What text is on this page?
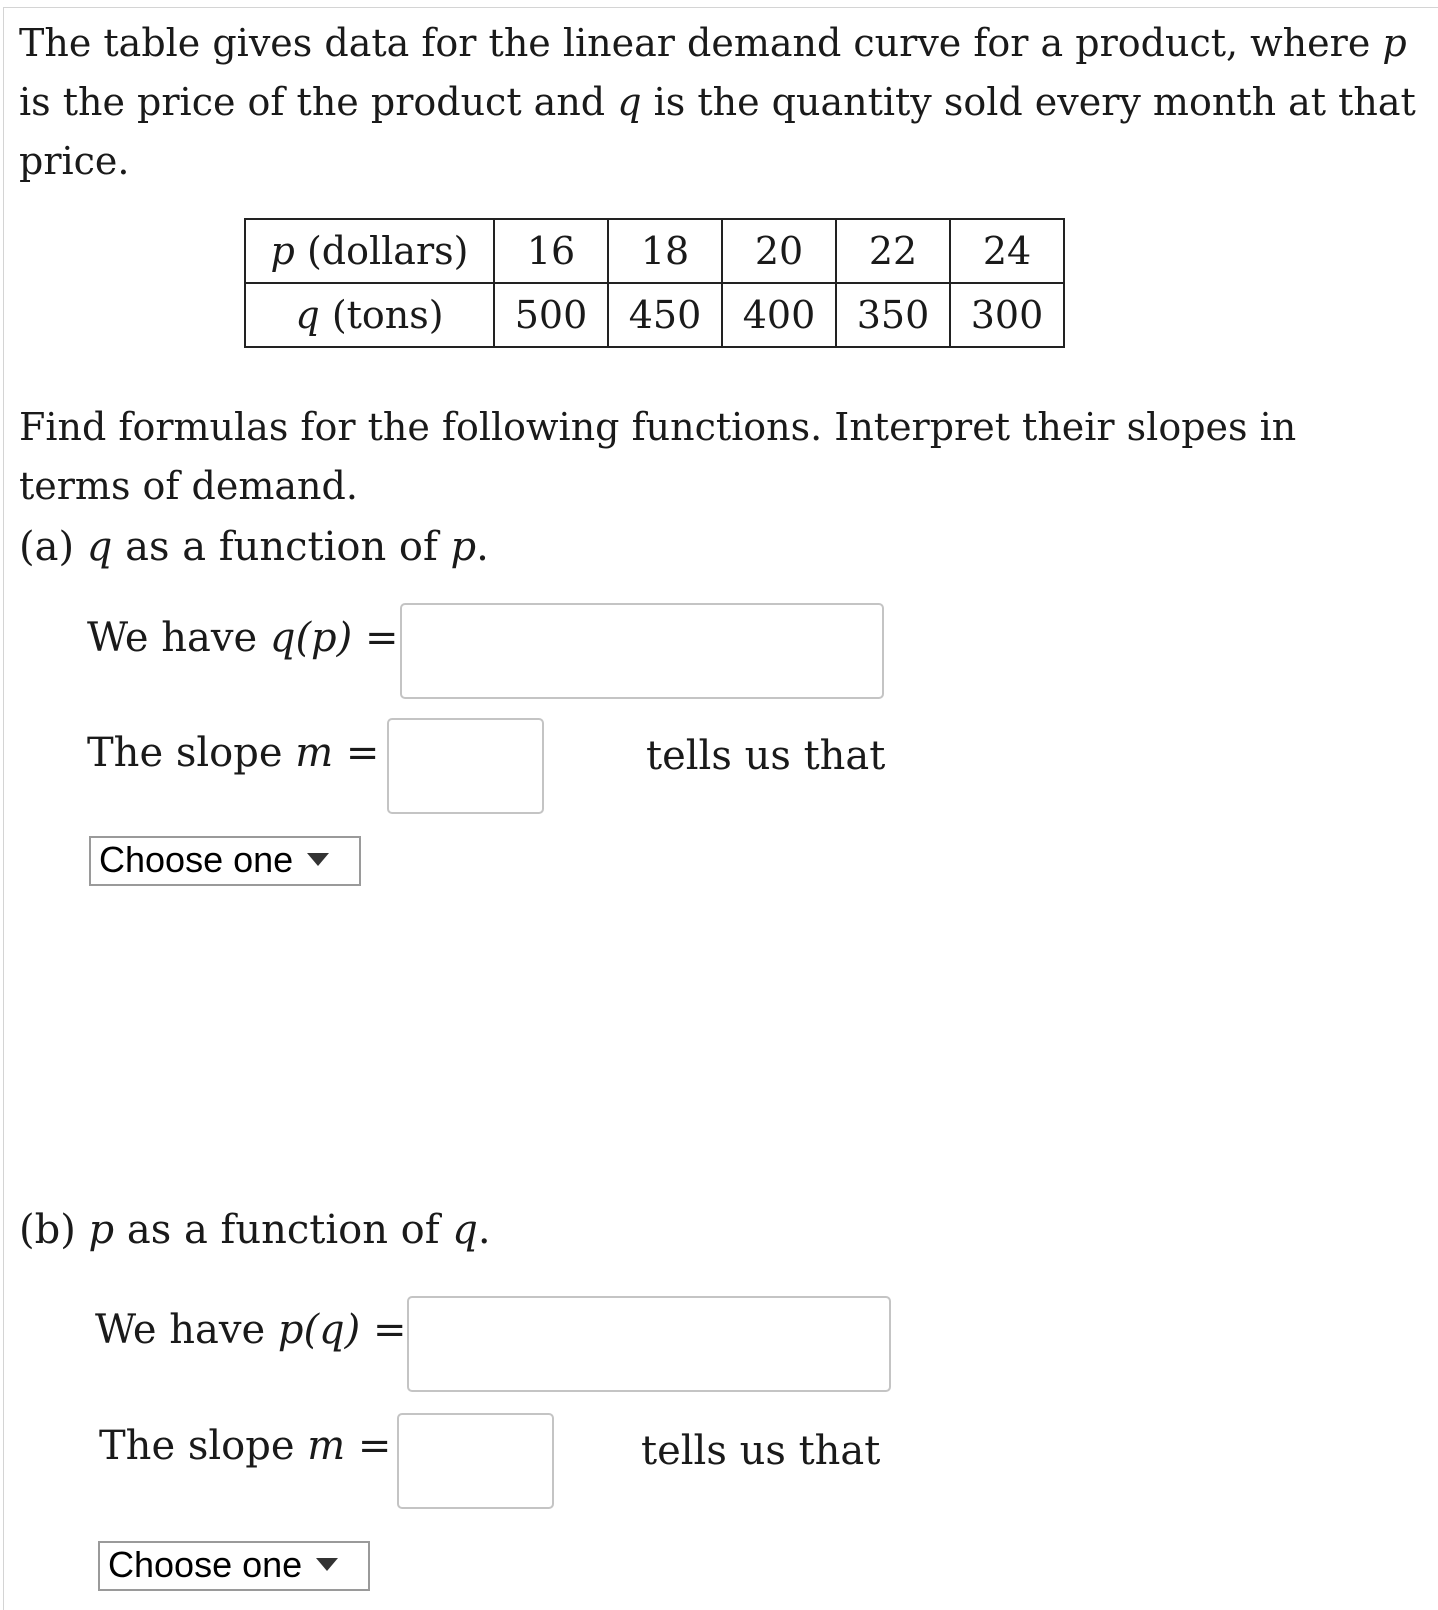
The table gives data for the linear demand curve for a product, where p is the price of the product and q is the quantity sold every month at that price.

p (dollars)	16	18	20	22	24
q (tons)	500	450	400	350	300

Find formulas for the following functions. Interpret their slopes in terms of demand.

(a) q as a function of p.

We have q(p) =
The slope m =	tells us that
Choose one

(b) p as a function of q.

We have p(q) =
The slope m =	tells us that
Choose one
